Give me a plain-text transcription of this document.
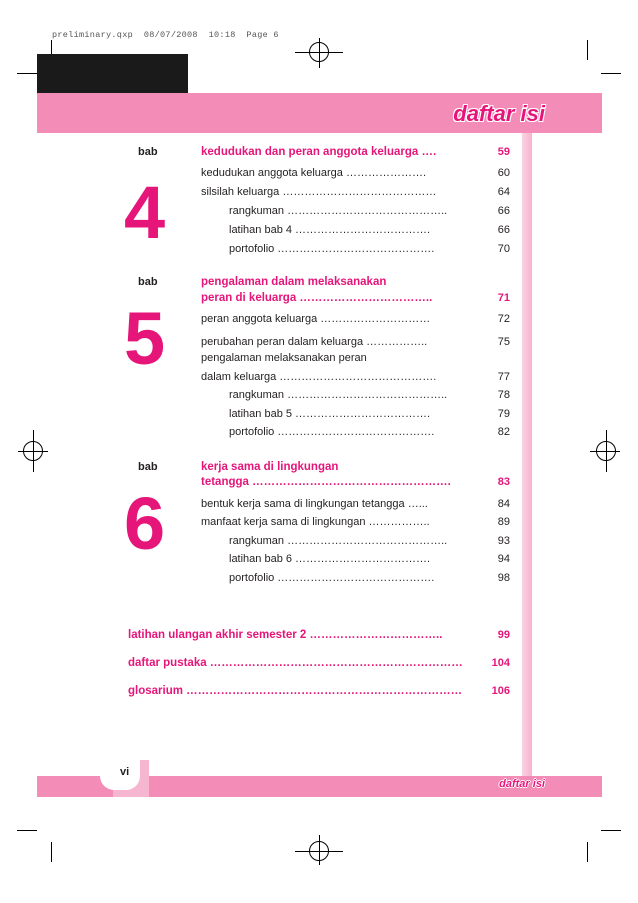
preliminary.qxp  08/07/2008  10:18  Page 6
daftar isi
bab
4
kedudukan dan peran anggota keluarga ….	59
kedudukan anggota keluarga ………………….	60
silsilah keluarga ……………………………………	64
rangkuman ……………………………………..	66
latihan bab 4 ……………………………….	66
portofolio …………………………………….	70
bab
5
pengalaman dalam melaksanakan
peran di keluarga ……………………………..	71
peran anggota keluarga …………………………	72
perubahan peran dalam keluarga ……………..	75
pengalaman melaksanakan peran
dalam keluarga …………………………………….	77
rangkuman ……………………………………..	78
latihan bab 5 ……………………………….	79
portofolio …………………………………….	82
bab
6
kerja sama di lingkungan
tetangga …………………………………………….	83
bentuk kerja sama di lingkungan tetangga …...	84
manfaat kerja sama di lingkungan ……………..	89
rangkuman ……………………………………..	93
latihan bab 6 ……………………………….	94
portofolio …………………………………….	98
latihan ulangan akhir semester 2 ……………………………..	99
daftar pustaka …………………………………………………………	104
glosarium ………………………………………………………………	106
vi
daftar isi
